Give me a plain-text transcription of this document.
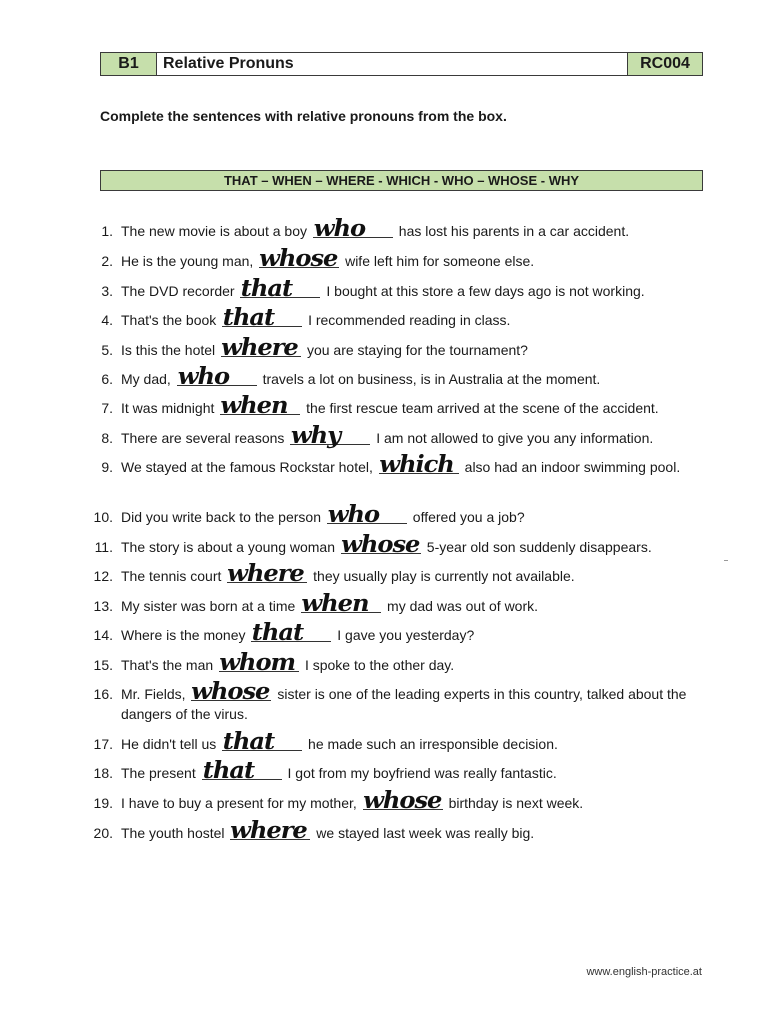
B1	Relative Pronuns	RC004
Complete the sentences with relative pronouns from the box.
THAT – WHEN – WHERE - WHICH - WHO – WHOSE - WHY
1. The new movie is about a boy who has lost his parents in a car accident.
2. He is the young man, whose wife left him for someone else.
3. The DVD recorder that I bought at this store a few days ago is not working.
4. That's the book that I recommended reading in class.
5. Is this the hotel where you are staying for the tournament?
6. My dad, who travels a lot on business, is in Australia at the moment.
7. It was midnight when the first rescue team arrived at the scene of the accident.
8. There are several reasons why I am not allowed to give you any information.
9. We stayed at the famous Rockstar hotel, which also had an indoor swimming pool.
10. Did you write back to the person who offered you a job?
11. The story is about a young woman whose 5-year old son suddenly disappears.
12. The tennis court where they usually play is currently not available.
13. My sister was born at a time when my dad was out of work.
14. Where is the money that I gave you yesterday?
15. That's the man whom I spoke to the other day.
16. Mr. Fields, whose sister is one of the leading experts in this country, talked about the dangers of the virus.
17. He didn't tell us that he made such an irresponsible decision.
18. The present that I got from my boyfriend was really fantastic.
19. I have to buy a present for my mother, whose birthday is next week.
20. The youth hostel where we stayed last week was really big.
www.english-practice.at
